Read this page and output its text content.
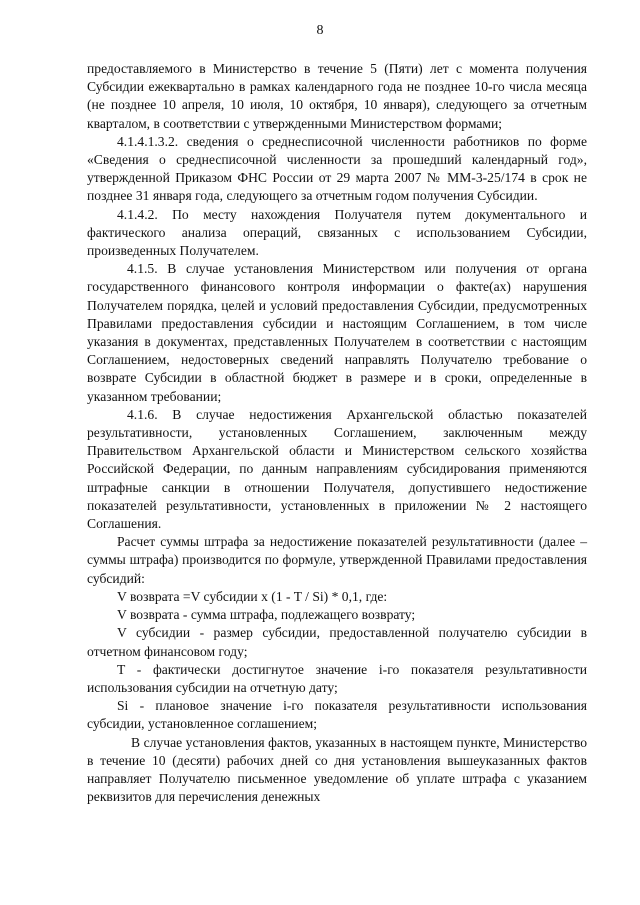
8

предоставляемого в Министерство в течение 5 (Пяти) лет с момента получения Субсидии ежеквартально в рамках календарного года не позднее 10-го числа месяца (не позднее 10 апреля, 10 июля, 10 октября, 10 января), следующего за отчетным кварталом, в соответствии с утвержденными Министерством формами;

4.1.4.1.3.2. сведения о среднесписочной численности работников по форме «Сведения о среднесписочной численности за прошедший календарный год», утвержденной Приказом ФНС России от 29 марта 2007 № ММ-3-25/174 в срок не позднее 31 января года, следующего за отчетным годом получения Субсидии.

4.1.4.2. По месту нахождения Получателя путем документального и фактического анализа операций, связанных с использованием Субсидии, произведенных Получателем.

4.1.5. В случае установления Министерством или получения от органа государственного финансового контроля информации о факте(ах) нарушения Получателем порядка, целей и условий предоставления Субсидии, предусмотренных Правилами предоставления субсидии и настоящим Соглашением, в том числе указания в документах, представленных Получателем в соответствии с настоящим Соглашением, недостоверных сведений направлять Получателю требование о возврате Субсидии в областной бюджет в размере и в сроки, определенные в указанном требовании;

4.1.6. В случае недостижения Архангельской областью показателей результативности, установленных Соглашением, заключенным между Правительством Архангельской области и Министерством сельского хозяйства Российской Федерации, по данным направлениям субсидирования применяются штрафные санкции в отношении Получателя, допустившего недостижение показателей результативности, установленных в приложении № 2 настоящего Соглашения.

Расчет суммы штрафа за недостижение показателей результативности (далее – суммы штрафа) производится по формуле, утвержденной Правилами предоставления субсидий:

V возврата =V субсидии x (1 - T / Si) * 0,1, где:

V возврата - сумма штрафа, подлежащего возврату;

V субсидии - размер субсидии, предоставленной получателю субсидии в отчетном финансовом году;

T - фактически достигнутое значение i-го показателя результативности использования субсидии на отчетную дату;

Si - плановое значение i-го показателя результативности использования субсидии, установленное соглашением;

В случае установления фактов, указанных в настоящем пункте, Министерство в течение 10 (десяти) рабочих дней со дня установления вышеуказанных фактов направляет Получателю письменное уведомление об уплате штрафа с указанием реквизитов для перечисления денежных
